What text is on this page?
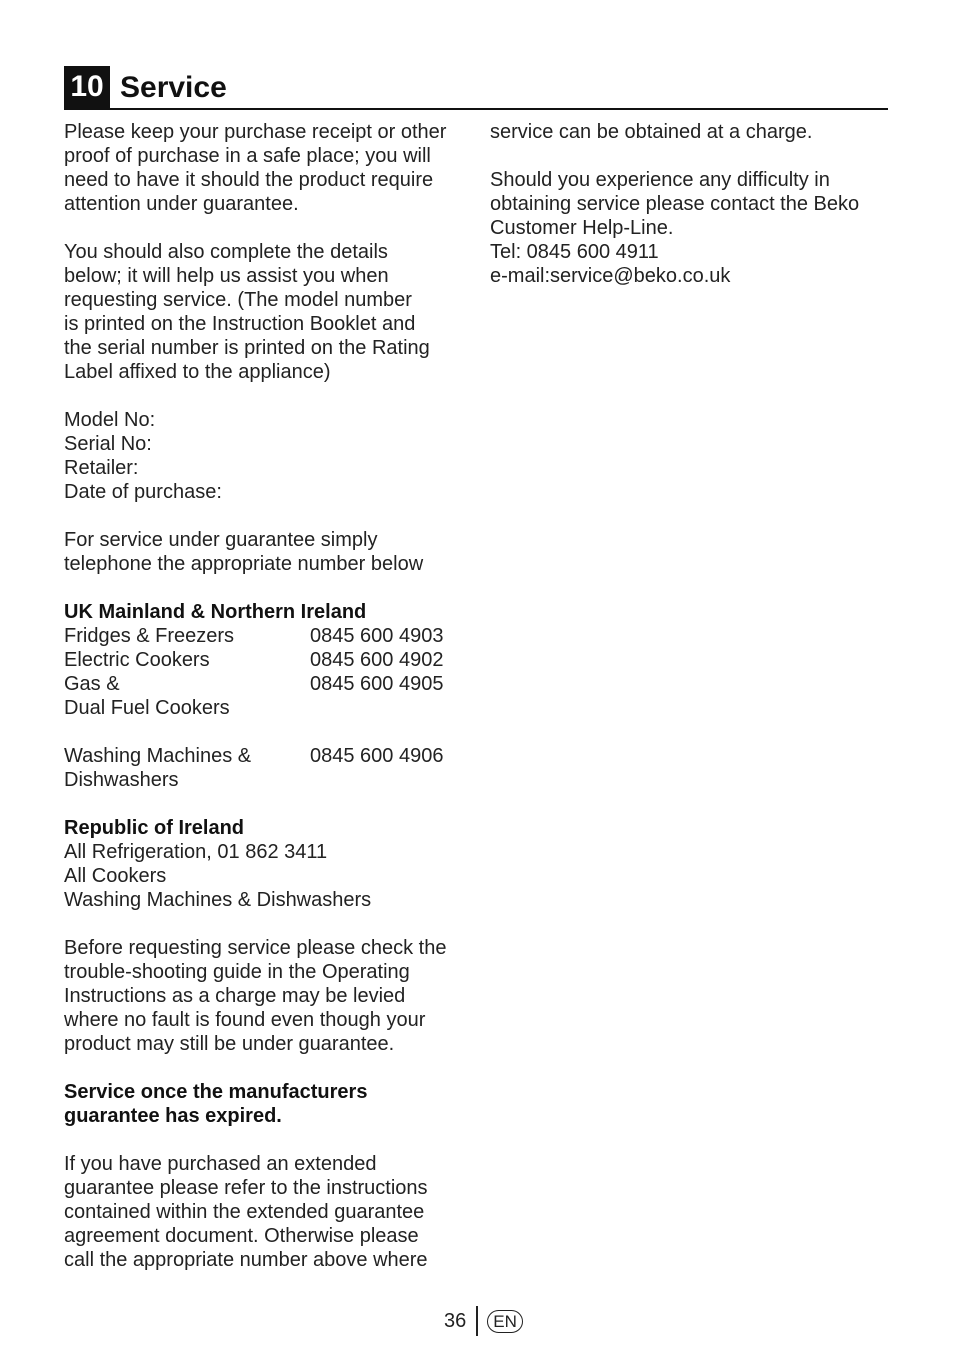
10 Service

Please keep your purchase receipt or other
proof of purchase in a safe place; you will
need to have it should the product require
attention under guarantee.

You should also complete the details
below; it will help us assist you when
requesting service. (The model number
is printed on the Instruction Booklet and
the serial number is printed on the Rating
Label affixed to the appliance)

Model No:
Serial No:
Retailer:
Date of purchase:

For service under guarantee simply
telephone the appropriate number below

UK Mainland & Northern Ireland

Fridges & Freezers	0845 600 4903
Electric Cookers	0845 600 4902
Gas &	0845 600 4905
Dual Fuel Cookers
Washing Machines &	0845 600 4906
Dishwashers

Republic of Ireland

All Refrigeration, 01 862 3411
All Cookers
Washing Machines & Dishwashers

Before requesting service please check the
trouble-shooting guide in the Operating
Instructions as a charge may be levied
where no fault is found even though your
product may still be under guarantee.

Service once the manufacturers
guarantee has expired.

If you have purchased an extended
guarantee please refer to the instructions
contained within the extended guarantee
agreement document. Otherwise please
call the appropriate number above where

service can be obtained at a charge.

Should you experience any difficulty in
obtaining service please contact the Beko
Customer Help-Line.
Tel: 0845 600 4911
e-mail:service@beko.co.uk

36	EN
